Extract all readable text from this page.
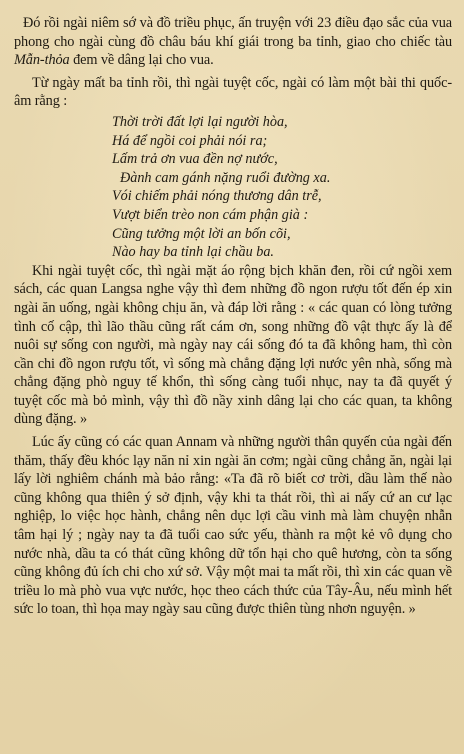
Đó rồi ngài niêm sớ và đồ triều phục, ấn truyện với 23 điều đạo sắc của vua phong cho ngài cùng đồ châu báu khí giái trong ba tỉnh, giao cho chiếc tàu Mẫn-thỏa đem về dâng lại cho vua.

Từ ngày mất ba tỉnh rồi, thì ngài tuyệt cốc, ngài có làm một bài thi quốc-âm rằng :

Thời trời đất lợi lại người hòa,
Há để ngồi coi phải nói ra;
Lấm trả ơn vua đền nợ nước,
Đành cam gánh nặng ruổi đường xa.
Vói chiếm phải nóng thương dân trễ,
Vượt biển trèo non cám phận già :
Cũng tưởng một lời an bốn cõi,
Nào hay ba tỉnh lại chầu ba.

Khi ngài tuyệt cốc, thì ngài mặt áo rộng bịch khăn đen, rồi cứ ngồi xem sách, các quan Langsa nghe vậy thì đem những đồ ngon rượu tốt đến ép xin ngài ăn uống, ngài không chịu ăn, và đáp lời rằng : « các quan có lòng tưởng tình cố cập, thì lão thầu cũng rất cám ơn, song những đồ vật thực ấy là để nuôi sự sống con người, mà ngày nay cái sống đó ta đã không ham, thì còn cần chi đồ ngon rượu tốt, vì sống mà chẳng đặng lợi nước yên nhà, sống mà chẳng đặng phò nguy tế khổn, thì sống càng tuổi nhục, nay ta đã quyết ý tuyệt cốc mà bỏ mình, vậy thì đồ nầy xinh dâng lại cho các quan, ta không dùng đặng. »

Lúc ấy cũng có các quan Annam và những người thân quyến của ngài đến thăm, thấy đều khóc lạy năn nỉ xin ngài ăn cơm; ngài cũng chẳng ăn, ngài lại lấy lời nghiêm chánh mà bảo rằng: «Ta đã rõ biết cơ trời, dầu làm thế nào cũng không qua thiên ý sở định, vậy khi ta thát rồi, thì ai nấy cứ an cư lạc nghiệp, lo việc học hành, chẳng nên dục lợi cầu vinh mà làm chuyện nhẫn tâm hại lý ; ngày nay ta đã tuổi cao sức yếu, thành ra một kẻ vô dụng cho nước nhà, dầu ta có thát cũng không dữ tổn hại cho quê hương, còn ta sống cũng không đủ ích chi cho xứ sở. Vậy một mai ta mất rồi, thì xin các quan về triều lo mà phò vua vực nước, học theo cách thức của Tây-Âu, nếu mình hết sức lo toan, thì họa may ngày sau cũng được thiên tùng nhơn nguyện. »
